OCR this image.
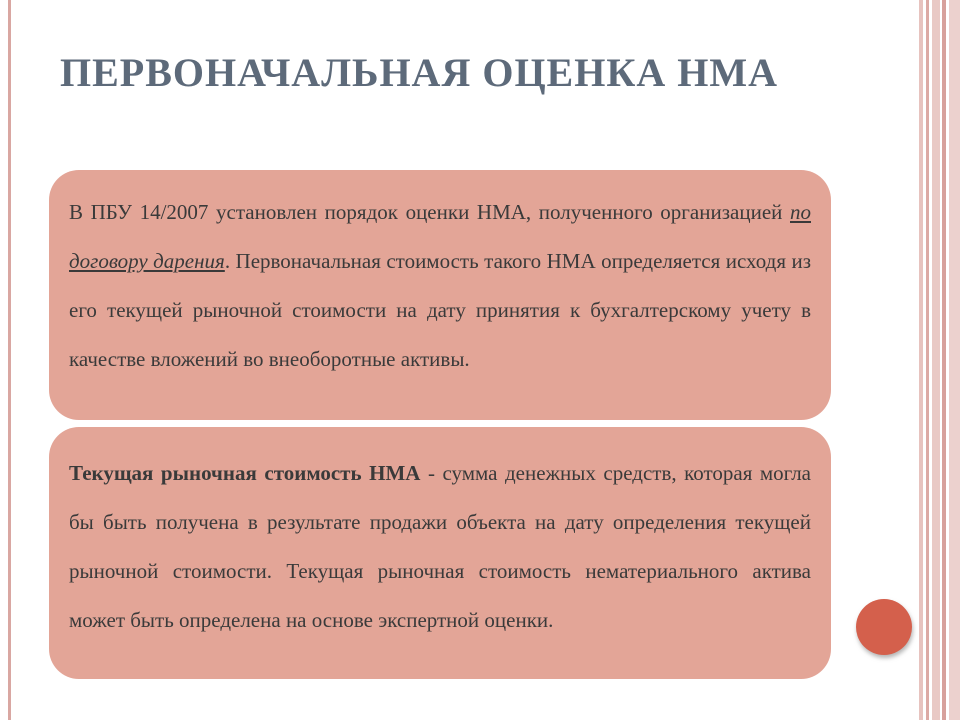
ПЕРВОНАЧАЛЬНАЯ ОЦЕНКА НМА

В ПБУ 14/2007 установлен порядок оценки НМА, полученного организацией по договору дарения. Первоначальная стоимость такого НМА определяется исходя из его текущей рыночной стоимости на дату принятия к бухгалтерскому учету в качестве вложений во внеоборотные активы.

Текущая рыночная стоимость НМА - сумма денежных средств, которая могла бы быть получена в результате продажи объекта на дату определения текущей рыночной стоимости. Текущая рыночная стоимость нематериального актива может быть определена на основе экспертной оценки.
